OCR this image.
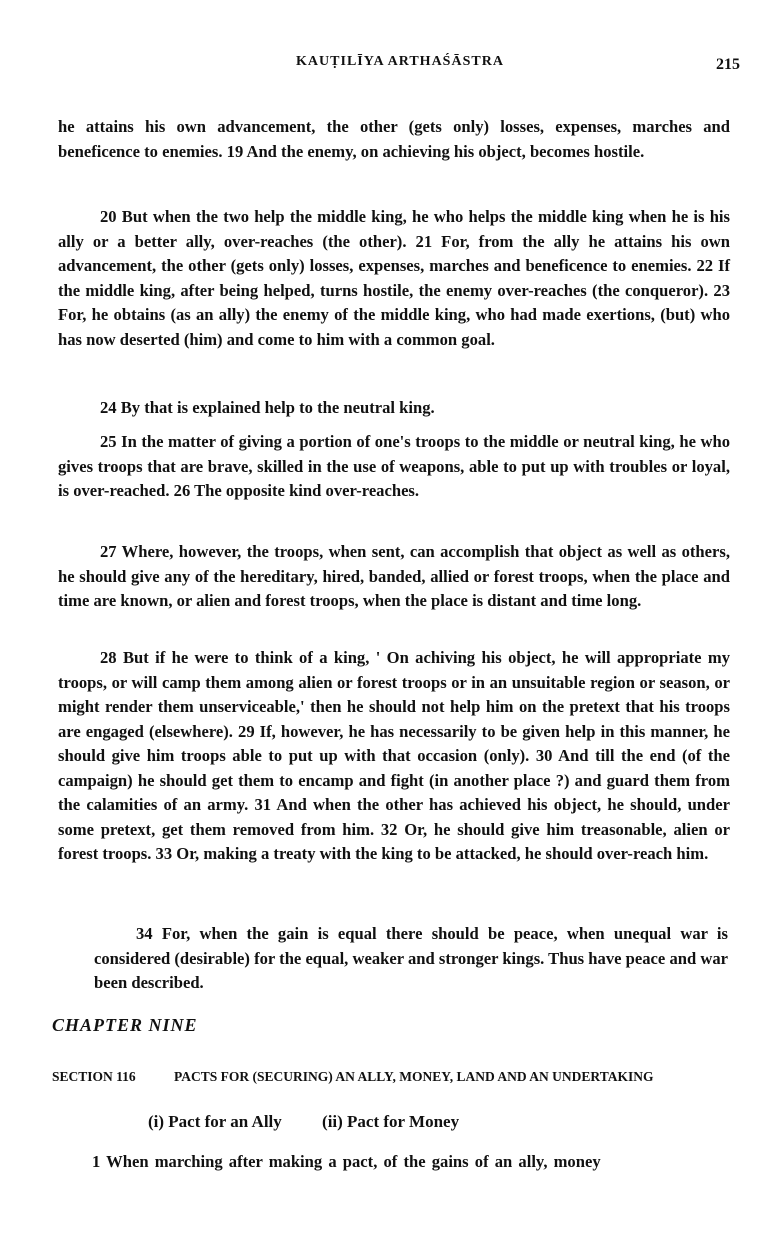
KAUṬILĪYA ARTHAŚĀSTRA	215
he attains his own advancement, the other (gets only) losses, expenses, marches and beneficence to enemies. 19 And the enemy, on achieving his object, becomes hostile.
20 But when the two help the middle king, he who helps the middle king when he is his ally or a better ally, over-reaches (the other). 21 For, from the ally he attains his own advancement, the other (gets only) losses, expenses, marches and beneficence to enemies. 22 If the middle king, after being helped, turns hostile, the enemy over-reaches (the conqueror). 23 For, he obtains (as an ally) the enemy of the middle king, who had made exertions, (but) who has now deserted (him) and come to him with a common goal.
24 By that is explained help to the neutral king.
25 In the matter of giving a portion of one's troops to the middle or neutral king, he who gives troops that are brave, skilled in the use of weapons, able to put up with troubles or loyal, is over-reached. 26 The opposite kind over-reaches.
27 Where, however, the troops, when sent, can accomplish that object as well as others, he should give any of the hereditary, hired, banded, allied or forest troops, when the place and time are known, or alien and forest troops, when the place is distant and time long.
28 But if he were to think of a king, ' On achiving his object, he will appropriate my troops, or will camp them among alien or forest troops or in an unsuitable region or season, or might render them unserviceable,' then he should not help him on the pretext that his troops are engaged (elsewhere). 29 If, however, he has necessarily to be given help in this manner, he should give him troops able to put up with that occasion (only). 30 And till the end (of the campaign) he should get them to encamp and fight (in another place ?) and guard them from the calamities of an army. 31 And when the other has achieved his object, he should, under some pretext, get them removed from him. 32 Or, he should give him treasonable, alien or forest troops. 33 Or, making a treaty with the king to be attacked, he should over-reach him.
34 For, when the gain is equal there should be peace, when unequal war is considered (desirable) for the equal, weaker and stronger kings. Thus have peace and war been described.
CHAPTER NINE
SECTION 116	PACTS FOR (SECURING) AN ALLY, MONEY, LAND AND AN UNDERTAKING
(i) Pact for an Ally (ii) Pact for Money
1 When marching after making a pact, of the gains of an ally, money
